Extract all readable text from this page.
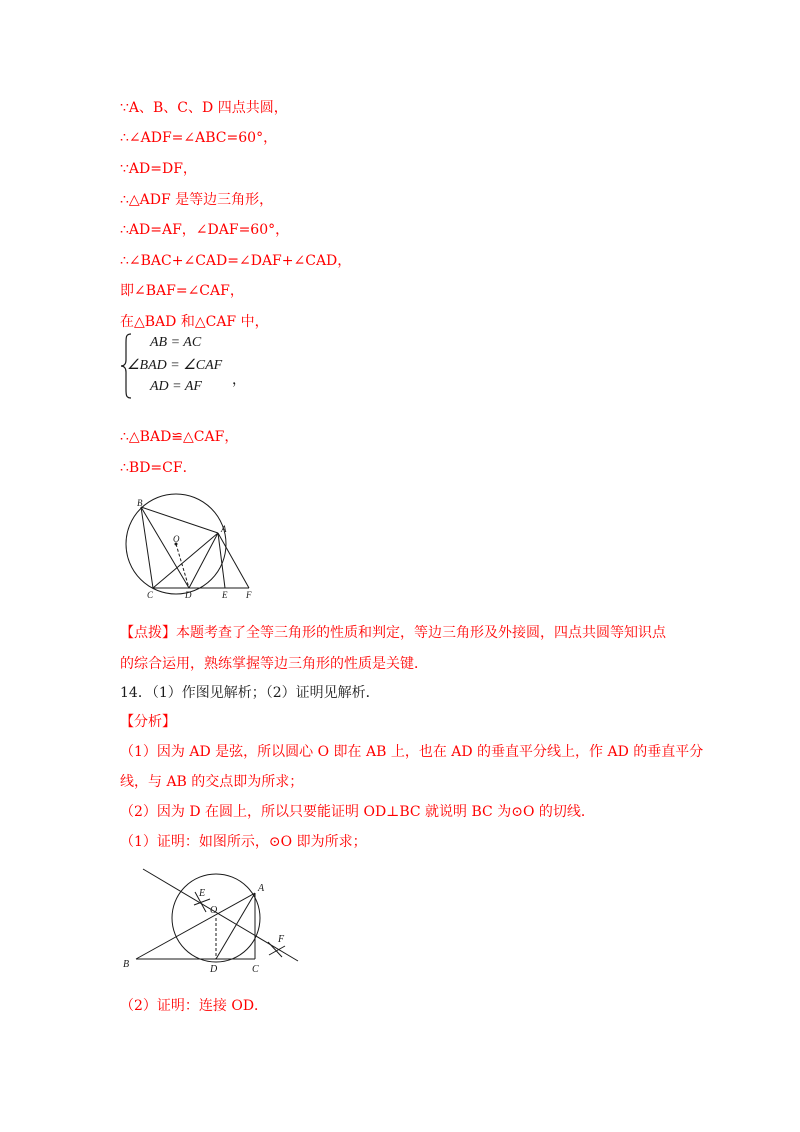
∵A、B、C、D 四点共圆，
∴∠ADF=∠ABC=60°，
∵AD=DF，
∴△ADF 是等边三角形，
∴AD=AF，∠DAF=60°，
∴∠BAC+∠CAD=∠DAF+∠CAD，
即∠BAF=∠CAF，
在△BAD 和△CAF 中，
AB = AC
∠BAD = ∠CAF
AD = AF ，
∴△BAD≌△CAF，
∴BD=CF．
B
A
O
C	D	E F
【点拨】本题考查了全等三角形的性质和判定，等边三角形及外接圆，四点共圆等知识点
的综合运用，熟练掌握等边三角形的性质是关键．
14．（1）作图见解析；（2）证明见解析．
【分析】
（1）因为 AD 是弦，所以圆心 O 即在 AB 上，也在 AD 的垂直平分线上，作 AD 的垂直平分
线，与 AB 的交点即为所求；
（2）因为 D 在圆上，所以只要能证明 OD⊥BC 就说明 BC 为⊙O 的切线．
（1）证明：如图所示，⊙O 即为所求；
A
E
O
F
B	D	C
（2）证明：连接 OD．
